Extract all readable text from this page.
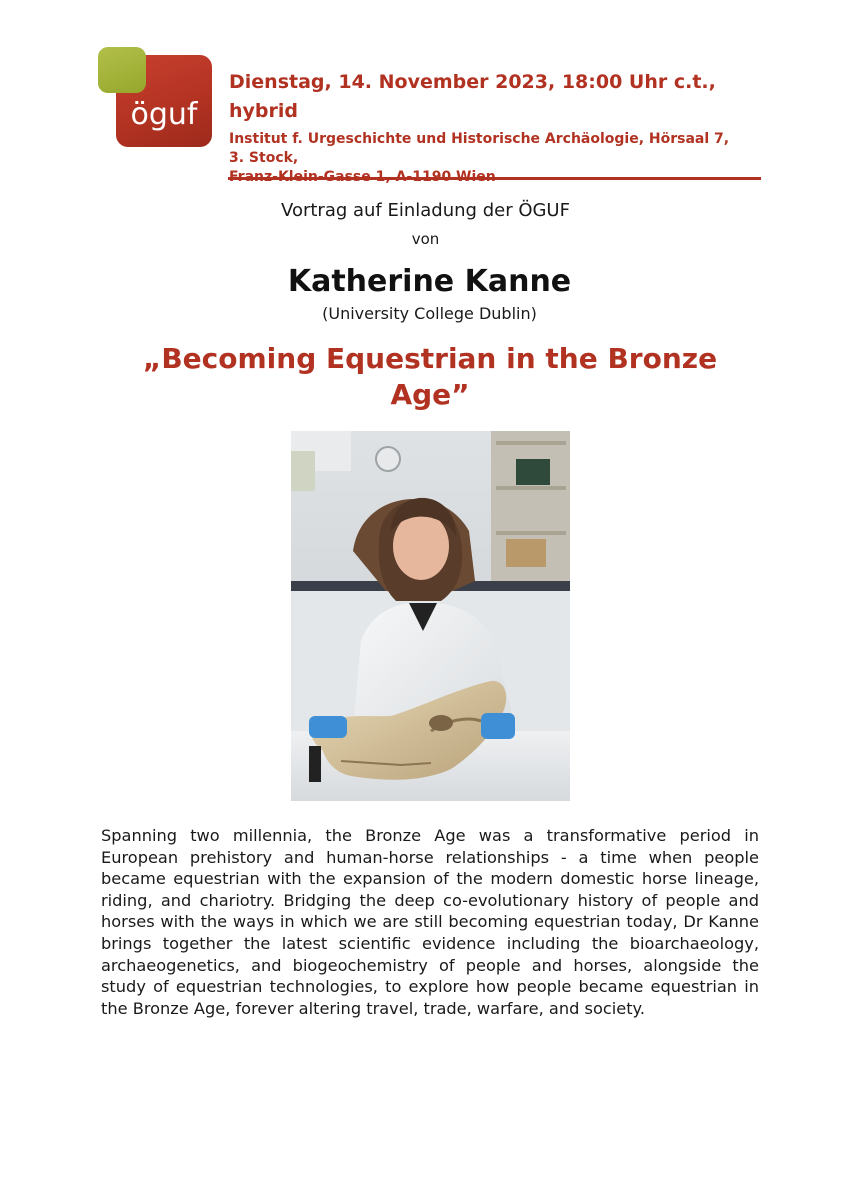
öguf
Dienstag, 14. November 2023, 18:00 Uhr c.t.,
hybrid
Institut f. Urgeschichte und Historische Archäologie, Hörsaal 7,
3. Stock,
Vortrag auf Einladung der ÖGUF
von
Katherine Kanne
(University College Dublin)
„Becoming Equestrian in the Bronze Age”
Spanning two millennia, the Bronze Age was a transformative period in European prehistory and human-horse relationships - a time when people became equestrian with the expansion of the modern domestic horse lineage, riding, and chariotry. Bridging the deep co-evolutionary history of people and horses with the ways in which we are still becoming equestrian today, Dr Kanne brings together the latest scientific evidence including the bioarchaeology, archaeogenetics, and biogeochemistry of people and horses, alongside the study of equestrian technologies, to explore how people became equestrian in the Bronze Age, forever altering travel, trade, warfare, and society.
